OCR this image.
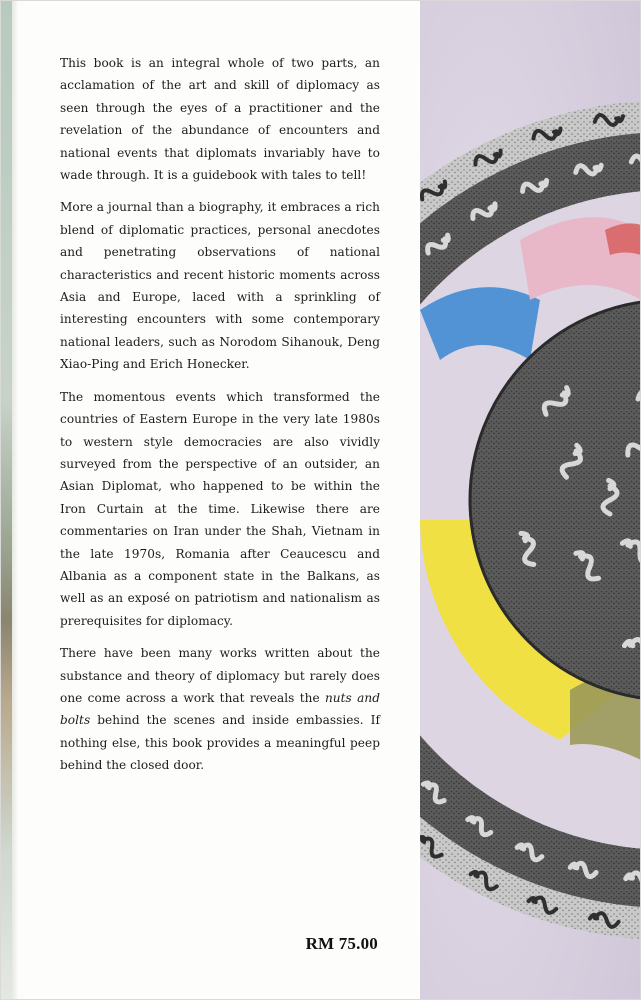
This book is an integral whole of two parts, an acclamation of the art and skill of diplomacy as seen through the eyes of a practitioner and the revelation of the abundance of encounters and national events that diplomats invariably have to wade through. It is a guidebook with tales to tell!

More a journal than a biography, it embraces a rich blend of diplomatic practices, personal anecdotes and penetrating observations of national characteristics and recent historic moments across Asia and Europe, laced with a sprinkling of interesting encounters with some contemporary national leaders, such as Norodom Sihanouk, Deng Xiao-Ping and Erich Honecker.

The momentous events which transformed the countries of Eastern Europe in the very late 1980s to western style democracies are also vividly surveyed from the perspective of an outsider, an Asian Diplomat, who happened to be within the Iron Curtain at the time. Likewise there are commentaries on Iran under the Shah, Vietnam in the late 1970s, Romania after Ceaucescu and Albania as a component state in the Balkans, as well as an exposé on patriotism and nationalism as prerequisites for diplomacy.

There have been many works written about the substance and theory of diplomacy but rarely does one come across a work that reveals the nuts and bolts behind the scenes and inside embassies. If nothing else, this book provides a meaningful peep behind the closed door.

RM 75.00
